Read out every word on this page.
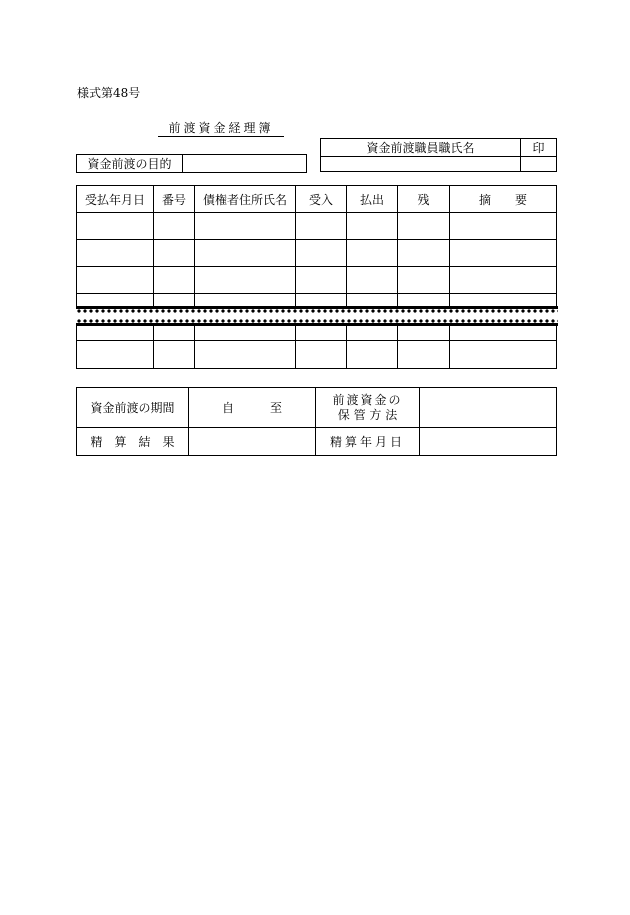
様式第48号
前渡資金経理簿
資金前渡職員職氏名	印

資金前渡の目的	
受払年月日	番号	債権者住所氏名	受入	払出	残	摘　　要

資金前渡の期間	自　　　至	前渡資金の
保 管 方 法	

精　算　結　果		精算年月日	
